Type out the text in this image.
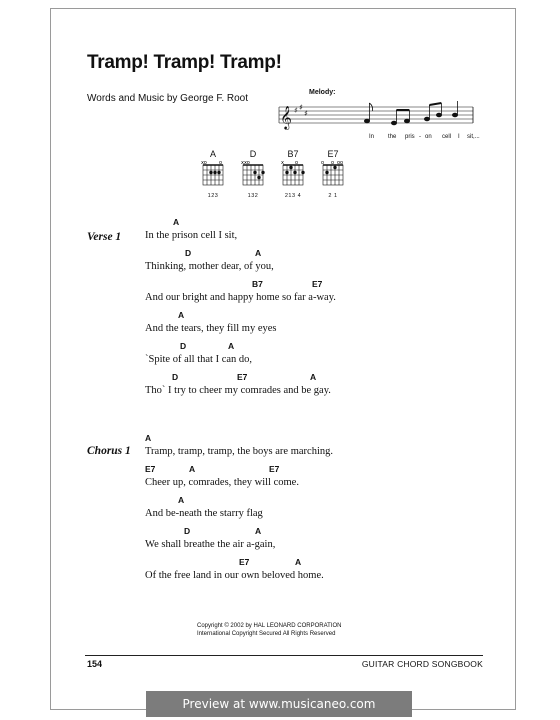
Tramp! Tramp! Tramp!
Words and Music by George F. Root
Melody:
𝄞 ♯ ♯
♯
In the pris - on cell I sit,...
A
xo o
123
D
xxo
132
B7
x o
213 4
E7
o o oo
2 1
Verse 1
A
In the prison cell I sit,
D	A
Thinking, mother dear, of you,
B7	E7
And our bright and happy home so far a-way.
A
And the tears, they fill my eyes
D	A
`Spite of all that I can do,
D	E7	A
Tho` I try to cheer my comrades and be gay.
Chorus 1
A
Tramp, tramp, tramp, the boys are marching.
E7	A	E7
Cheer up, comrades, they will come.
A
And be-neath the starry flag
D	A
We shall breathe the air a-gain,
E7	A
Of the free land in our own beloved home.
Copyright © 2002 by HAL LEONARD CORPORATION
International Copyright Secured All Rights Reserved
154	GUITAR CHORD SONGBOOK
Preview at www.musicaneo.com
